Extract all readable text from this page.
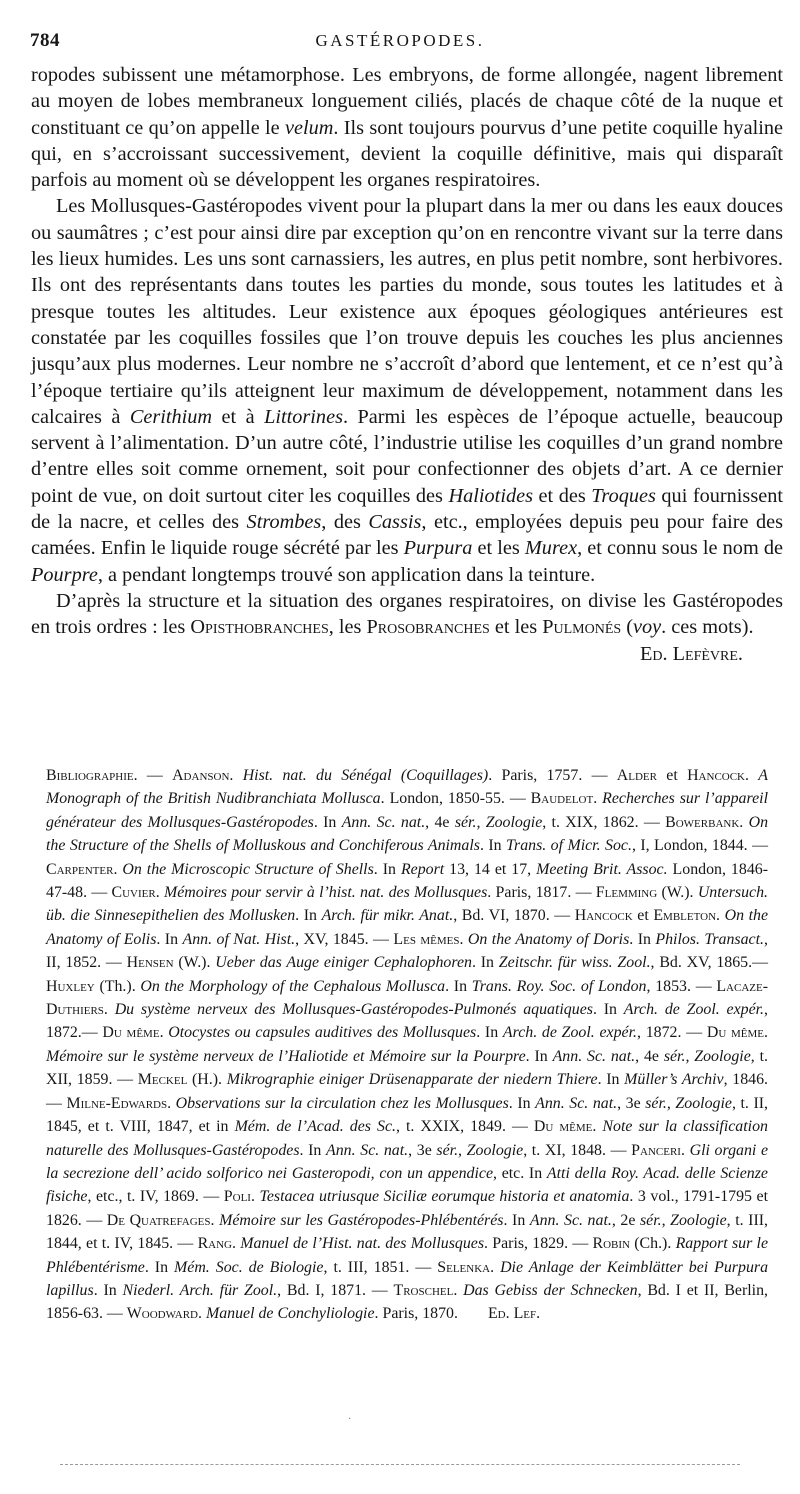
784	GASTÉROPODES.

ropodes subissent une métamorphose. Les embryons, de forme allongée, nagent librement au moyen de lobes membraneux longuement ciliés, placés de chaque côté de la nuque et constituant ce qu’on appelle le velum. Ils sont toujours pourvus d’une petite coquille hyaline qui, en s’accroissant successivement, devient la coquille définitive, mais qui disparaît parfois au moment où se développent les organes respiratoires.

Les Mollusques-Gastéropodes vivent pour la plupart dans la mer ou dans les eaux douces ou saumâtres ; c’est pour ainsi dire par exception qu’on en rencontre vivant sur la terre dans les lieux humides. Les uns sont carnassiers, les autres, en plus petit nombre, sont herbivores. Ils ont des représentants dans toutes les parties du monde, sous toutes les latitudes et à presque toutes les altitudes. Leur existence aux époques géologiques antérieures est constatée par les coquilles fossiles que l’on trouve depuis les couches les plus anciennes jusqu’aux plus modernes. Leur nombre ne s’accroît d’abord que lentement, et ce n’est qu’à l’époque tertiaire qu’ils atteignent leur maximum de développement, notamment dans les calcaires à Cerithium et à Littorines. Parmi les espèces de l’époque actuelle, beaucoup servent à l’alimentation. D’un autre côté, l’industrie utilise les coquilles d’un grand nombre d’entre elles soit comme ornement, soit pour confectionner des objets d’art. A ce dernier point de vue, on doit surtout citer les coquilles des Haliotides et des Troques qui fournissent de la nacre, et celles des Strombes, des Cassis, etc., employées depuis peu pour faire des camées. Enfin le liquide rouge sécrété par les Purpura et les Murex, et connu sous le nom de Pourpre, a pendant longtemps trouvé son application dans la teinture.

D’après la structure et la situation des organes respiratoires, on divise les Gastéropodes en trois ordres : les Opisthobranches, les Prosobranches et les Pulmonés (voy. ces mots).
Ed. Lefèvre.

Bibliographie. — Adanson. Hist. nat. du Sénégal (Coquillages). Paris, 1757. — Alder et Hancock. A Monograph of the British Nudibranchiata Mollusca. London, 1850-55. — Baudelot. Recherches sur l’appareil générateur des Mollusques-Gastéropodes. In Ann. Sc. nat., 4e sér., Zoologie, t. XIX, 1862. — Bowerbank. On the Structure of the Shells of Molluskous and Conchiferous Animals. In Trans. of Micr. Soc., I, London, 1844. — Carpenter. On the Microscopic Structure of Shells. In Report 13, 14 et 17, Meeting Brit. Assoc. London, 1846-47-48. — Cuvier. Mémoires pour servir à l’hist. nat. des Mollusques. Paris, 1817. — Flemming (W.). Untersuch. üb. die Sinnesepithelien des Mollusken. In Arch. für mikr. Anat., Bd. VI, 1870. — Hancock et Embleton. On the Anatomy of Eolis. In Ann. of Nat. Hist., XV, 1845. — Les mêmes. On the Anatomy of Doris. In Philos. Transact., II, 1852. — Hensen (W.). Ueber das Auge einiger Cephalophoren. In Zeitschr. für wiss. Zool., Bd. XV, 1865.— Huxley (Th.). On the Morphology of the Cephalous Mollusca. In Trans. Roy. Soc. of London, 1853. — Lacaze-Duthiers. Du système nerveux des Mollusques-Gastéropodes-Pulmonés aquatiques. In Arch. de Zool. expér., 1872.— Du même. Otocystes ou capsules auditives des Mollusques. In Arch. de Zool. expér., 1872. — Du même. Mémoire sur le système nerveux de l’Haliotide et Mémoire sur la Pourpre. In Ann. Sc. nat., 4e sér., Zoologie, t. XII, 1859. — Meckel (H.). Mikrographie einiger Drüsenapparate der niedern Thiere. In Müller’s Archiv, 1846. — Milne-Edwards. Observations sur la circulation chez les Mollusques. In Ann. Sc. nat., 3e sér., Zoologie, t. II, 1845, et t. VIII, 1847, et in Mém. de l’Acad. des Sc., t. XXIX, 1849. — Du même. Note sur la classification naturelle des Mollusques-Gastéropodes. In Ann. Sc. nat., 3e sér., Zoologie, t. XI, 1848. — Panceri. Gli organi e la secrezione dell’ acido solforico nei Gasteropodi, con un appendice, etc. In Atti della Roy. Acad. delle Scienze fisiche, etc., t. IV, 1869. — Poli. Testacea utriusque Siciliæ eorumque historia et anatomia. 3 vol., 1791-1795 et 1826. — De Quatrefages. Mémoire sur les Gastéropodes-Phlébentérés. In Ann. Sc. nat., 2e sér., Zoologie, t. III, 1844, et t. IV, 1845. — Rang. Manuel de l’Hist. nat. des Mollusques. Paris, 1829. — Robin (Ch.). Rapport sur le Phlébentérisme. In Mém. Soc. de Biologie, t. III, 1851. — Selenka. Die Anlage der Keimblätter bei Purpura lapillus. In Niederl. Arch. für Zool., Bd. I, 1871. — Troschel. Das Gebiss der Schnecken, Bd. I et II, Berlin, 1856-63. — Woodward. Manuel de Conchyliologie. Paris, 1870. Ed. Lef.

·
